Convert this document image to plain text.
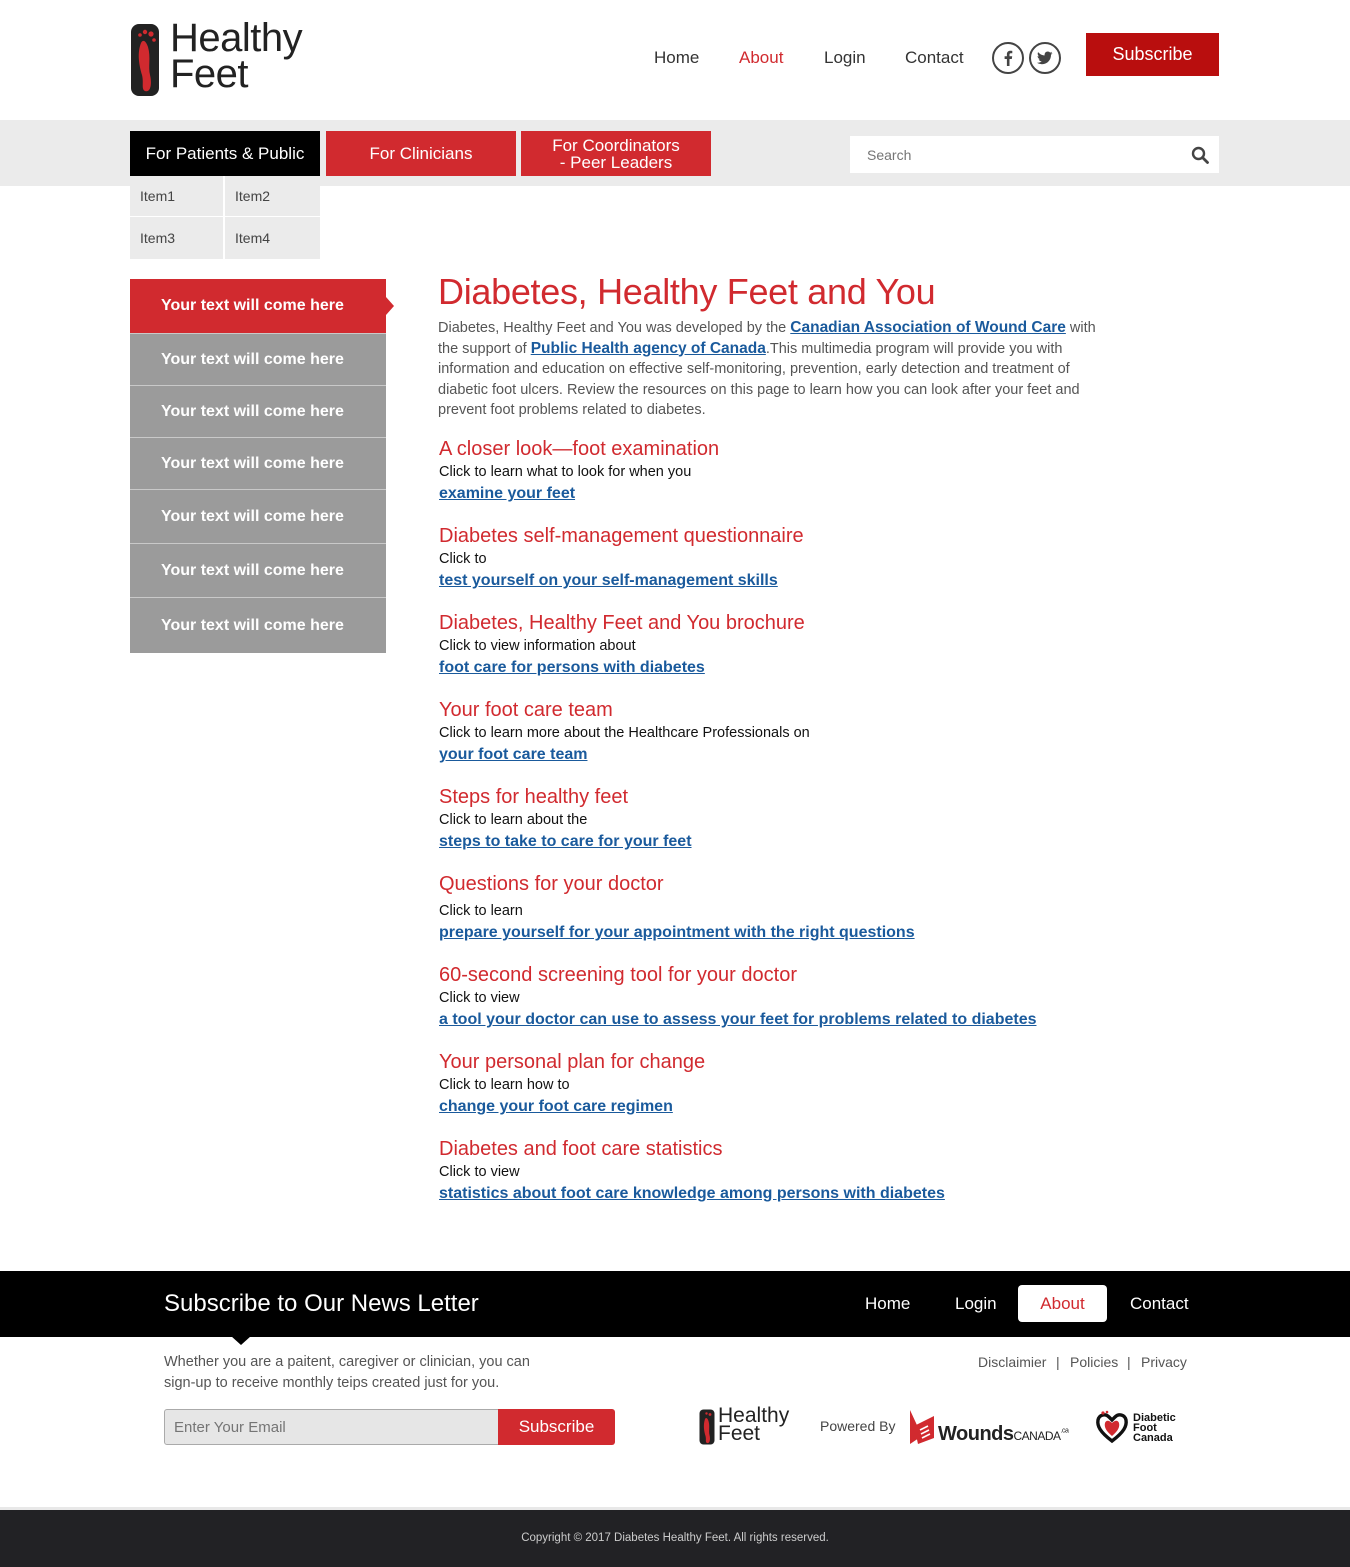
Healthy
Feet	Home About Login Contact	Subscribe
For Patients & Public	For Clinicians	For Coordinators
- Peer Leaders
Search
Item1	Item2
Item3	Item4
Your text will come here
Your text will come here
Your text will come here
Your text will come here
Your text will come here
Your text will come here
Your text will come here
Diabetes, Healthy Feet and You

Diabetes, Healthy Feet and You was developed by the Canadian Association of Wound Care with the support of Public Health agency of Canada.This multimedia program will provide you with information and education on effective self-monitoring, prevention, early detection and treatment of diabetic foot ulcers. Review the resources on this page to learn how you can look after your feet and prevent foot problems related to diabetes.

A closer look—foot examination
Click to learn what to look for when you
examine your feet
Diabetes self-management questionnaire
Click to
test yourself on your self-management skills
Diabetes, Healthy Feet and You brochure
Click to view information about
foot care for persons with diabetes
Your foot care team
Click to learn more about the Healthcare Professionals on
your foot care team
Steps for healthy feet
Click to learn about the
steps to take to care for your feet
Questions for your doctor
Click to learn
prepare yourself for your appointment with the right questions
60-second screening tool for your doctor
Click to view
a tool your doctor can use to assess your feet for problems related to diabetes
Your personal plan for change
Click to learn how to
change your foot care regimen
Diabetes and foot care statistics
Click to view
statistics about foot care knowledge among persons with diabetes
Subscribe to Our News Letter	Home	Login	About	Contact

Whether you are a paitent, caregiver or clinician, you can sign-up to receive monthly teips created just for you.

Disclaimier | Policies | Privacy
Enter Your Email
Subscribe	Healthy
Feet	Powered By WoundsCANADA$^{.ca}$
Diabetic
Foot
Canada
Copyright © 2017 Diabetes Healthy Feet. All rights reserved.
